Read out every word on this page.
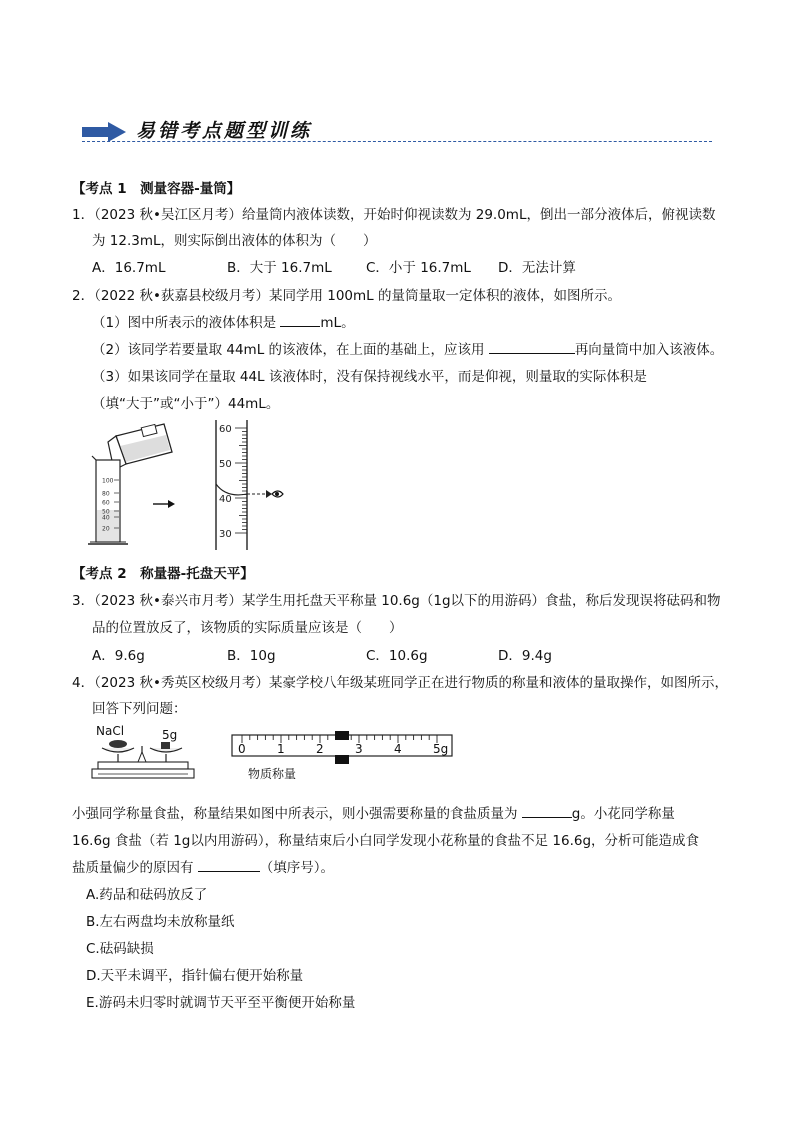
易错考点题型训练
【考点 1　测量容器-量筒】
1．（2023 秋•吴江区月考）给量筒内液体读数，开始时仰视读数为 29.0mL，倒出一部分液体后，俯视读数
为 12.3mL，则实际倒出液体的体积为（　　）
A．16.7mL	B．大于 16.7mL	C．小于 16.7mL D．无法计算
2．（2022 秋•荻嘉县校级月考）某同学用 100mL 的量筒量取一定体积的液体，如图所示。
（1）图中所表示的液体体积是	mL。
（2）该同学若要量取 44mL 的该液体，在上面的基础上，应该用	再向量筒中加入该液体。
（3）如果该同学在量取 44L 该液体时，没有保持视线水平，而是仰视，则量取的实际体积是
（填“大于”或“小于”）44mL。
100
80
60
50
40
20
60
50
40
30
【考点 2　称量器-托盘天平】
3．（2023 秋•泰兴市月考）某学生用托盘天平称量 10.6g（1g以下的用游码）食盐，称后发现误将砝码和物
品的位置放反了，该物质的实际质量应该是（　　）
A．9.6g	B．10g	C．10.6g	D．9.4g
4．（2023 秋•秀英区校级月考）某豪学校八年级某班同学正在进行物质的称量和液体的量取操作，如图所示，
回答下列问题：
NaCl	5g
0	1	2	3	4	5g
物质称量
小强同学称量食盐，称量结果如图中所表示，则小强需要称量的食盐质量为	g。小花同学称量
16.6g 食盐（若 1g以内用游码），称量结束后小白同学发现小花称量的食盐不足 16.6g，分析可能造成食
盐质量偏少的原因有	（填序号）。
A.药品和砝码放反了
B.左右两盘均未放称量纸
C.砝码缺损
D.天平未调平，指针偏右便开始称量
E.游码未归零时就调节天平至平衡便开始称量
